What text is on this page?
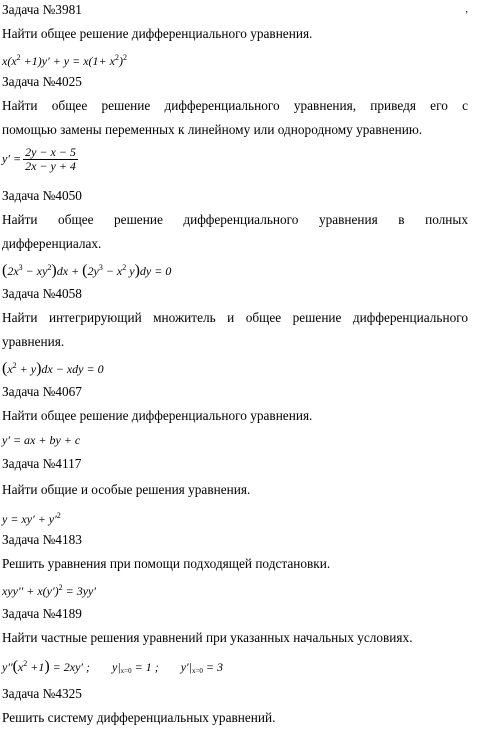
,
Задача №3981
Найти общее решение дифференциального уравнения.
$x(x^2 +1)y' + y = x(1+ x^2)^2$
Задача №4025
Найти общее решение дифференциального уравнения, приведя его с
помощью замены переменных к линейному или однородному уравнению.
$y' = \frac{2y - x - 5}{2x - y + 4}$
Задача №4050
Найти общее решение дифференциального уравнения в полных
дифференциалах.
$(2x^3 - xy^2)dx + (2y^3 - x^2$ y)dy = 0
Задача №4058
Найти интегрирующий множитель и общее решение дифференциального
уравнения.
$(x^2 + y)dx$ − xdy = 0
Задача №4067
Найти общее решение дифференциального уравнения.
y′ = ax + by + c
Задача №4117
Найти общие и особые решения уравнения.
$y = xy' + y'^2$
Задача №4183
Решить уравнения при помощи подходящей подстановки.
$xyy'' + x(y')^2 = 3yy'$
Задача №4189
Найти частные решения уравнений при указанных начальных условиях.
$y''(x^2 +1) = 2xy'$ ; $y|_{x=0} = 1$ ; $y'|_{x=0} = 3$
Задача №4325
Решить систему дифференциальных уравнений.
